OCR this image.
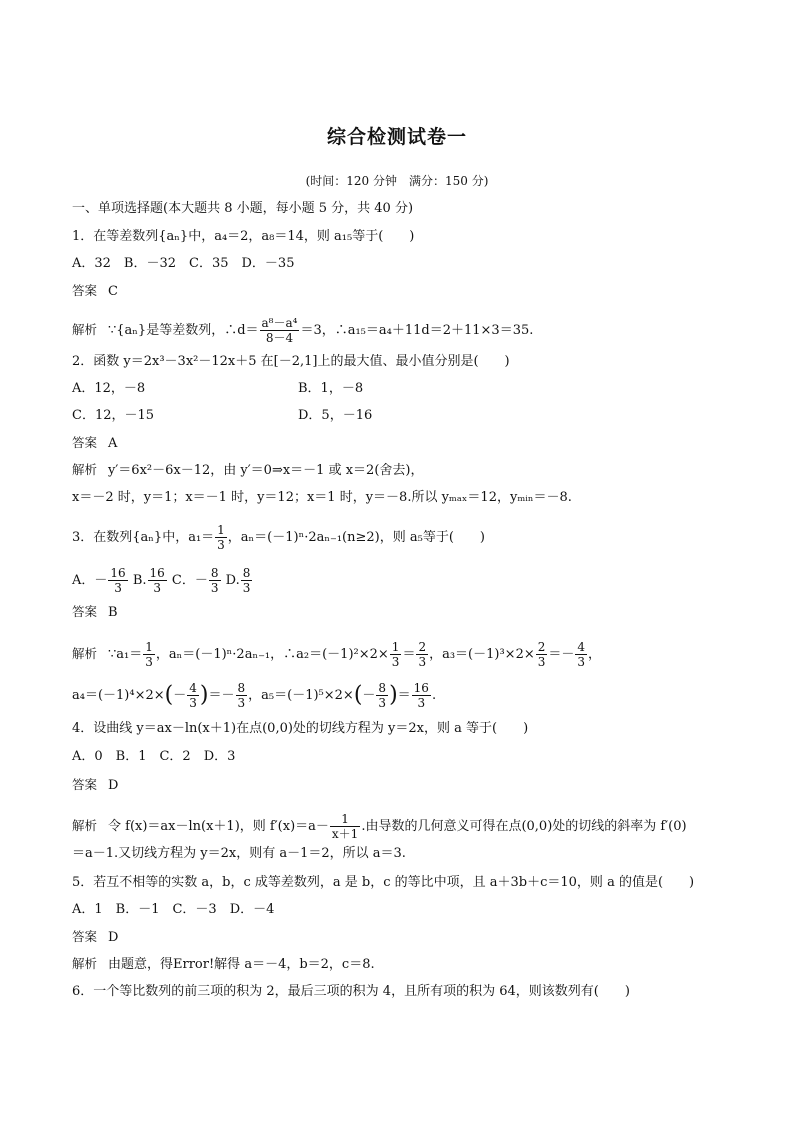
综合检测试卷一
(时间：120 分钟　满分：150 分)
一、单项选择题(本大题共 8 小题，每小题 5 分，共 40 分)
1．在等差数列{aₙ}中，a₄＝2，a₈＝14，则 a₁₅等于(　　)
A．32　B．－32　C．35　D．－35
答案 C
解析 ∵{aₙ}是等差数列，∴d＝ $\frac{\text{a⁸－a⁴}}{8-4} =3$，∴a₁₅＝a₄＋11d＝2＋11×3＝35.
2．函数 y＝2x³－3x²－12x＋5 在[－2,1]上的最大值、最小值分别是(　　)
A．12，－8	B．1，－8
C．12，－15	D．5，－16
答案 A
解析 y′＝6x²－6x－12，由 y′＝0⇒x＝－1 或 x＝2(舍去)，
x＝－2 时，y＝1；x＝－1 时，y＝12；x＝1 时，y＝－8.所以 yₘₐₓ＝12，yₘᵢₙ＝－8.
3．在数列{aₙ}中，$a_1= \frac{1}{3}$ ，aₙ＝(－1)ⁿ·2aₙ₋₁(n≥2)，则 a₅等于(　　)
A．－ $\frac{16}{3} B$. $\frac{16}{3}$ C．－ $\frac{8}{3} D$. $\frac{8}{3}$
答案 B
解析 ∵a₁＝ $\frac{1}{3}$ ，aₙ＝(－1)ⁿ·2aₙ₋₁，∴a₂＝(－1)²×2× $\frac{1}{3} = \frac{2}{3}$ ，$a_3=(-1)^3\times 2\times \frac{2}{3} =- \frac{4}{3}$ ，
$a_4=(-1)^4\times 2\times(- \frac{4}{3}$ )＝－ $\frac{8}{3}$ ，$a_5=(-1)^5\times 2\times(- \frac{8}{3}$ )＝ $\frac{16}{3}$ .
4．设曲线 y＝ax－ln(x＋1)在点(0,0)处的切线方程为 y＝2x，则 a 等于(　　)
A．0　B．1　C．2　D．3
答案 D
解析 令 f(x)＝ax－ln(x＋1)，则 $f'(x)=a- \frac{1}{x+1}$ .由导数的几何意义可得在点(0,0)处的切线的斜率为 f′(0)
＝a－1.又切线方程为 y＝2x，则有 a－1＝2，所以 a＝3.
5．若互不相等的实数 a，b，c 成等差数列，a 是 b，c 的等比中项，且 a＋3b＋c＝10，则 a 的值是(　　)
A．1　B．－1　C．－3　D．－4
答案 D
解析 由题意，得Error!解得 a＝－4，b＝2，c＝8.
6．一个等比数列的前三项的积为 2，最后三项的积为 4，且所有项的积为 64，则该数列有(　　)
